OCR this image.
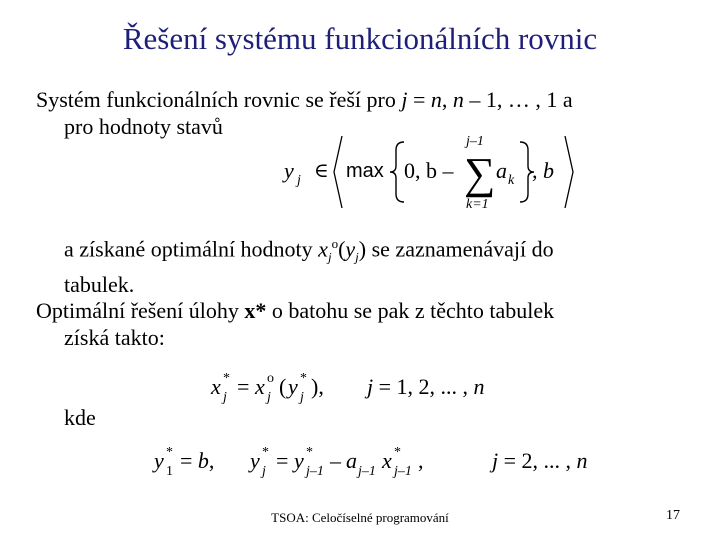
Řešení systému funkcionálních rovnic
Systém funkcionálních rovnic se řeší pro j = n, n – 1, … , 1 a
pro hodnoty stavů
y j ∈ max 0, b –
j–1
∑
k=1
a k , b
a získané optimální hodnoty $x_j^o(y_j)$ se zaznamenávají do
tabulek.
Optimální řešení úlohy x* o batohu se pak z těchto tabulek
získá takto:
x *
j = x o
j ( y *
j ), j = 1, 2, ... , n
kde
y *
1 = b, y *
j = y *
j–1 – a j–1 x *
j–1 ,	j = 2, ... , n
TSOA: Celočíselné programování	17
